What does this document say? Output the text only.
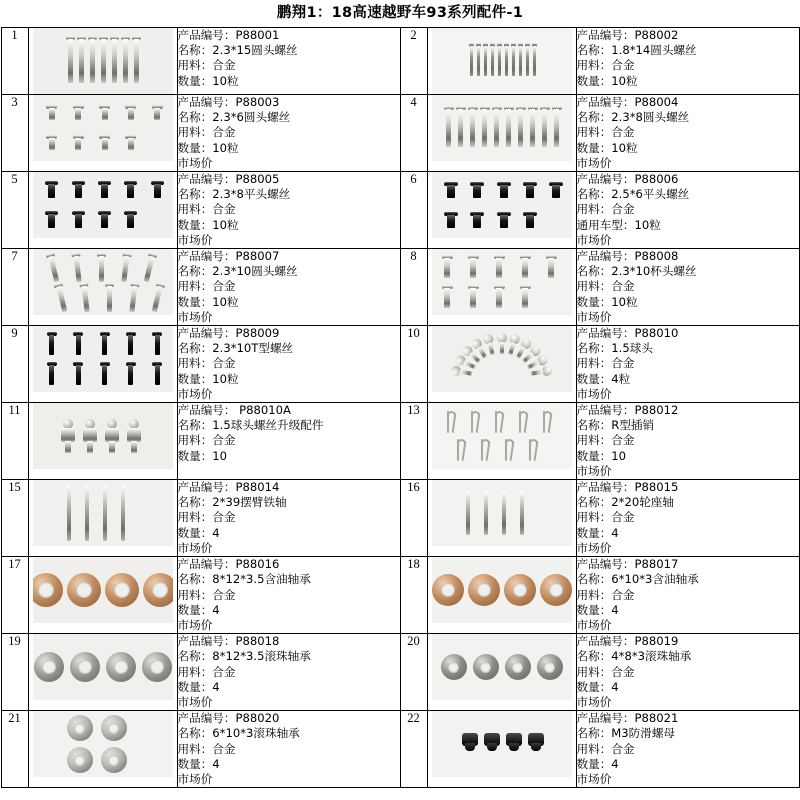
鹏翔1：18高速越野车93系列配件-1
1		产品编号：P88001
名称：2.3*15圆头螺丝
用料：合金
数量：10粒
	2		产品编号：P88002
名称：1.8*14圆头螺丝
用料：合金
数量：10粒

3		产品编号：P88003
名称：2.3*6圆头螺丝
用料：合金
数量：10粒
市场价
	4		产品编号：P88004
名称：2.3*8圆头螺丝
用料：合金
数量：10粒
市场价

5		产品编号：P88005
名称：2.3*8平头螺丝
用料：合金
数量：10粒
市场价
	6		产品编号：P88006
名称：2.5*6平头螺丝
用料：合金
通用车型：10粒
市场价

7		产品编号：P88007
名称：2.3*10圆头螺丝
用料：合金
数量：10粒
市场价
	8		产品编号：P88008
名称：2.3*10杯头螺丝
用料：合金
数量：10粒
市场价

9		产品编号：P88009
名称：2.3*10T型螺丝
用料：合金
数量：10粒
市场价
	10		产品编号：P88010
名称：1.5球头
用料：合金
数量：4粒
市场价

11		产品编号： P88010A
名称：1.5球头螺丝升级配件
用料：合金
数量：10
	13		产品编号：P88012
名称：R型插销
用料：合金
数量：10
市场价

15		产品编号：P88014
名称：2*39摆臂铁轴
用料：合金
数量：4
市场价
	16		产品编号：P88015
名称：2*20轮座轴
用料：合金
数量：4
市场价

17		产品编号：P88016
名称：8*12*3.5含油轴承
用料：合金
数量：4
市场价
	18		产品编号：P88017
名称：6*10*3含油轴承
用料：合金
数量：4
市场价

19		产品编号：P88018
名称：8*12*3.5滚珠轴承
用料：合金
数量：4
市场价
	20		产品编号：P88019
名称：4*8*3滚珠轴承
用料：合金
数量：4
市场价

21		产品编号：P88020
名称：6*10*3滚珠轴承
用料：合金
数量：4
市场价
	22		产品编号：P88021
名称：M3防滑螺母
用料：合金
数量：4
市场价
